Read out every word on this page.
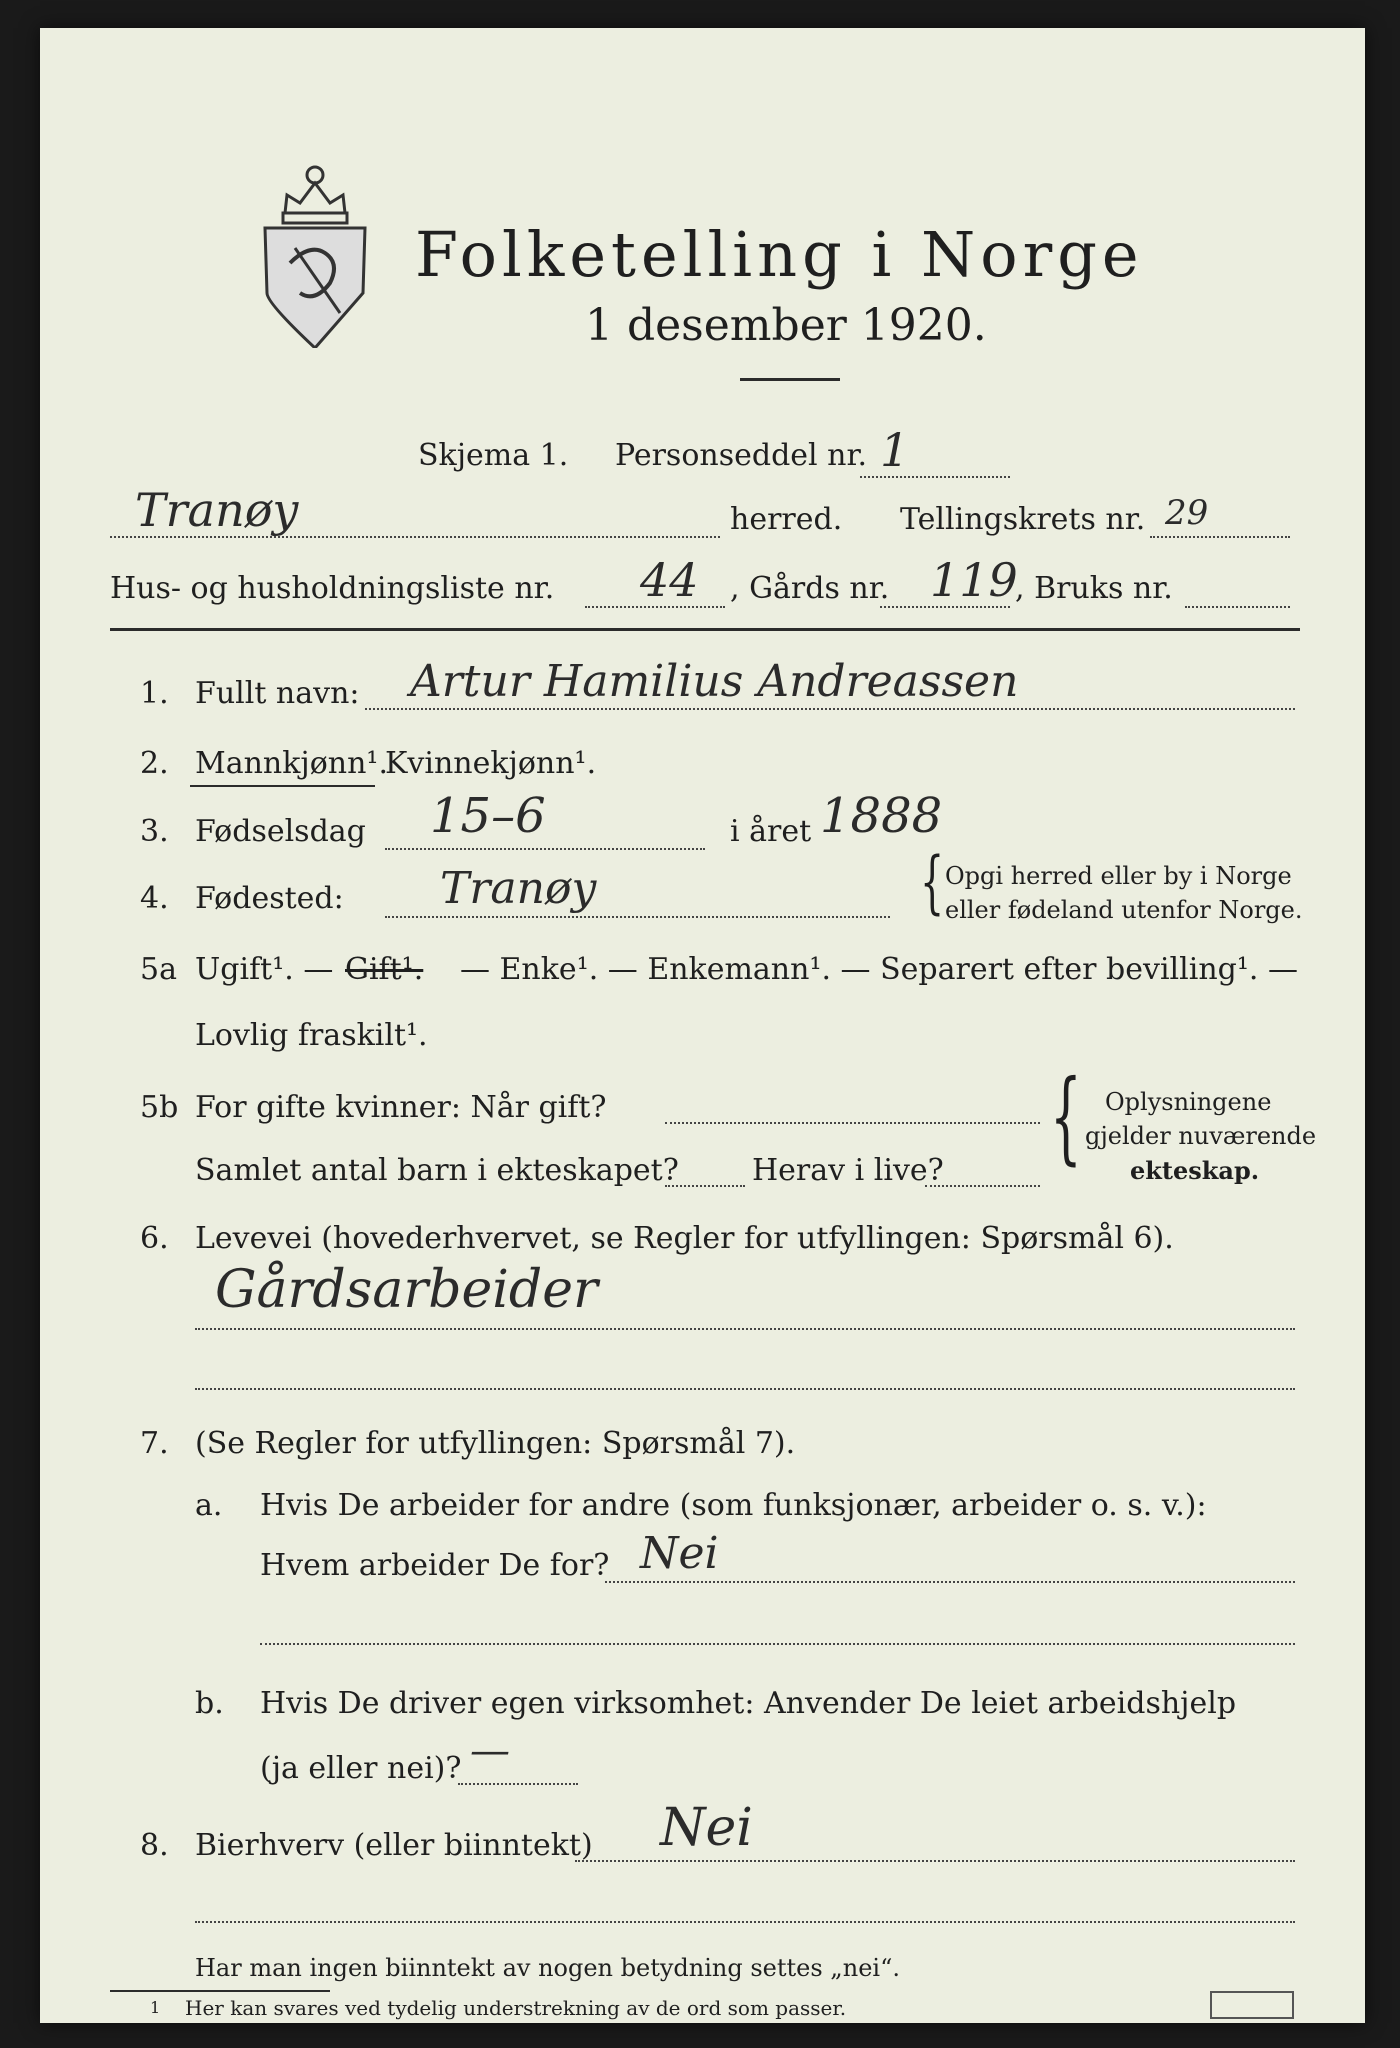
Folketelling i Norge
1 desember 1920.
Skjema 1. Personseddel nr. 1
Tranøy	herred. Tellingskrets nr. 29
Hus- og husholdningsliste nr. 44 , Gårds nr. 119
, Bruks nr.
1. Fullt navn: Artur Hamilius Andreassen
2. Mannkjønn¹.
Kvinnekjønn¹.
3. Fødselsdag 15–6	i året 1888
4. Fødested: Tranøy	{ Opgi herred eller by i Norge
eller fødeland utenfor Norge.
5a Ugift¹. — Gift¹. — Enke¹. — Enkemann¹. — Separert efter bevilling¹. —
Lovlig fraskilt¹.
5b For gifte kvinner: Når gift?
Samlet antal barn i ekteskapet? Herav i live? { Oplysningene
gjelder nuværende
ekteskap.
6. Levevei (hovederhvervet, se Regler for utfyllingen: Spørsmål 6).
Gårdsarbeider
7. (Se Regler for utfyllingen: Spørsmål 7).
a. Hvis De arbeider for andre (som funksjonær, arbeider o. s. v.):
Hvem arbeider De for? Nei
b. Hvis De driver egen virksomhet: Anvender De leiet arbeidshjelp
(ja eller nei)? —
8. Bierhverv (eller biinntekt) Nei
Har man ingen biinntekt av nogen betydning settes „nei“.
1 Her kan svares ved tydelig understrekning av de ord som passer.
